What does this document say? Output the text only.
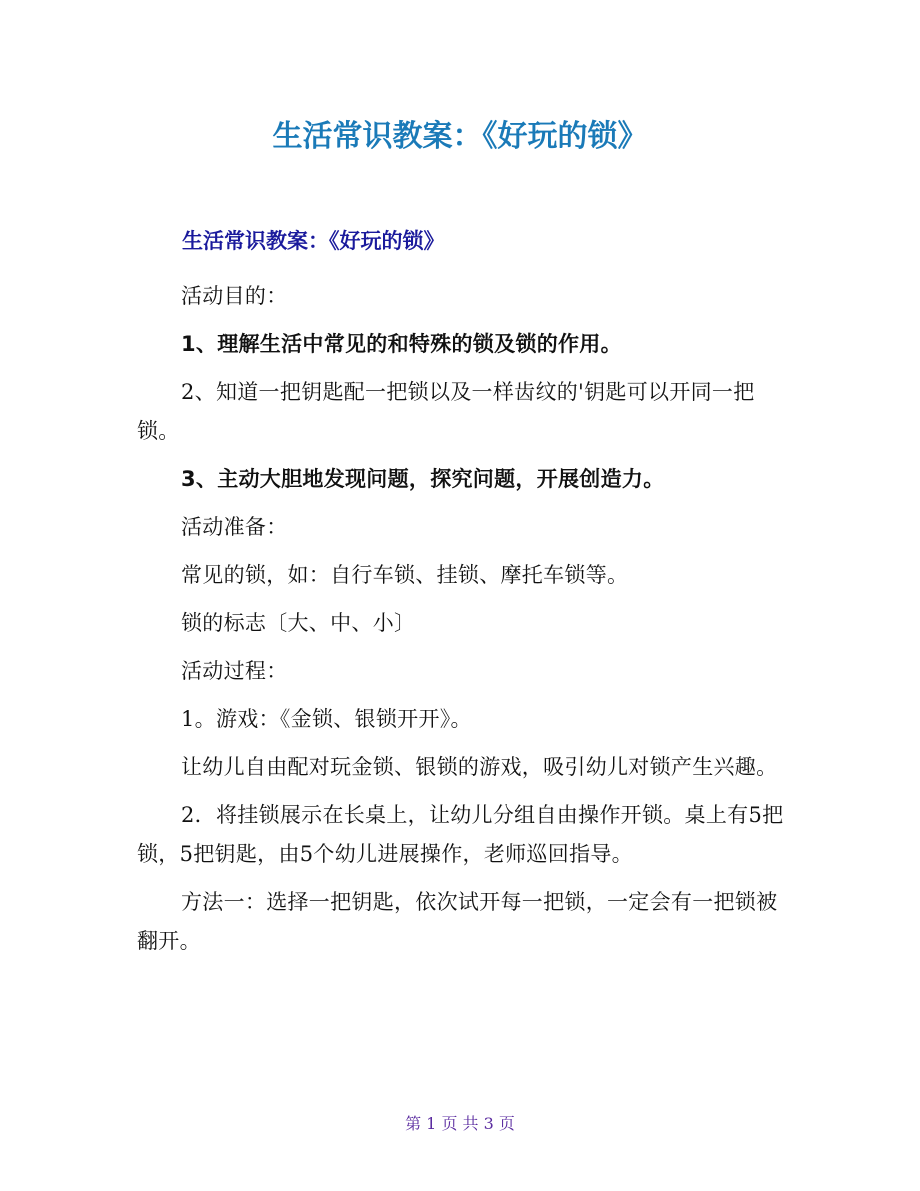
生活常识教案：《好玩的锁》
生活常识教案：《好玩的锁》

活动目的：

1、理解生活中常见的和特殊的锁及锁的作用。

2、知道一把钥匙配一把锁以及一样齿纹的'钥匙可以开同一把锁。

3、主动大胆地发现问题，探究问题，开展创造力。

活动准备：

常见的锁，如：自行车锁、挂锁、摩托车锁等。

锁的标志〔大、中、小〕

活动过程：

1。游戏：《金锁、银锁开开》。

让幼儿自由配对玩金锁、银锁的游戏，吸引幼儿对锁产生兴趣。

2．将挂锁展示在长桌上，让幼儿分组自由操作开锁。桌上有5把锁，5把钥匙，由5个幼儿进展操作，老师巡回指导。

方法一：选择一把钥匙，依次试开每一把锁，一定会有一把锁被翻开。

第 1 页 共 3 页
